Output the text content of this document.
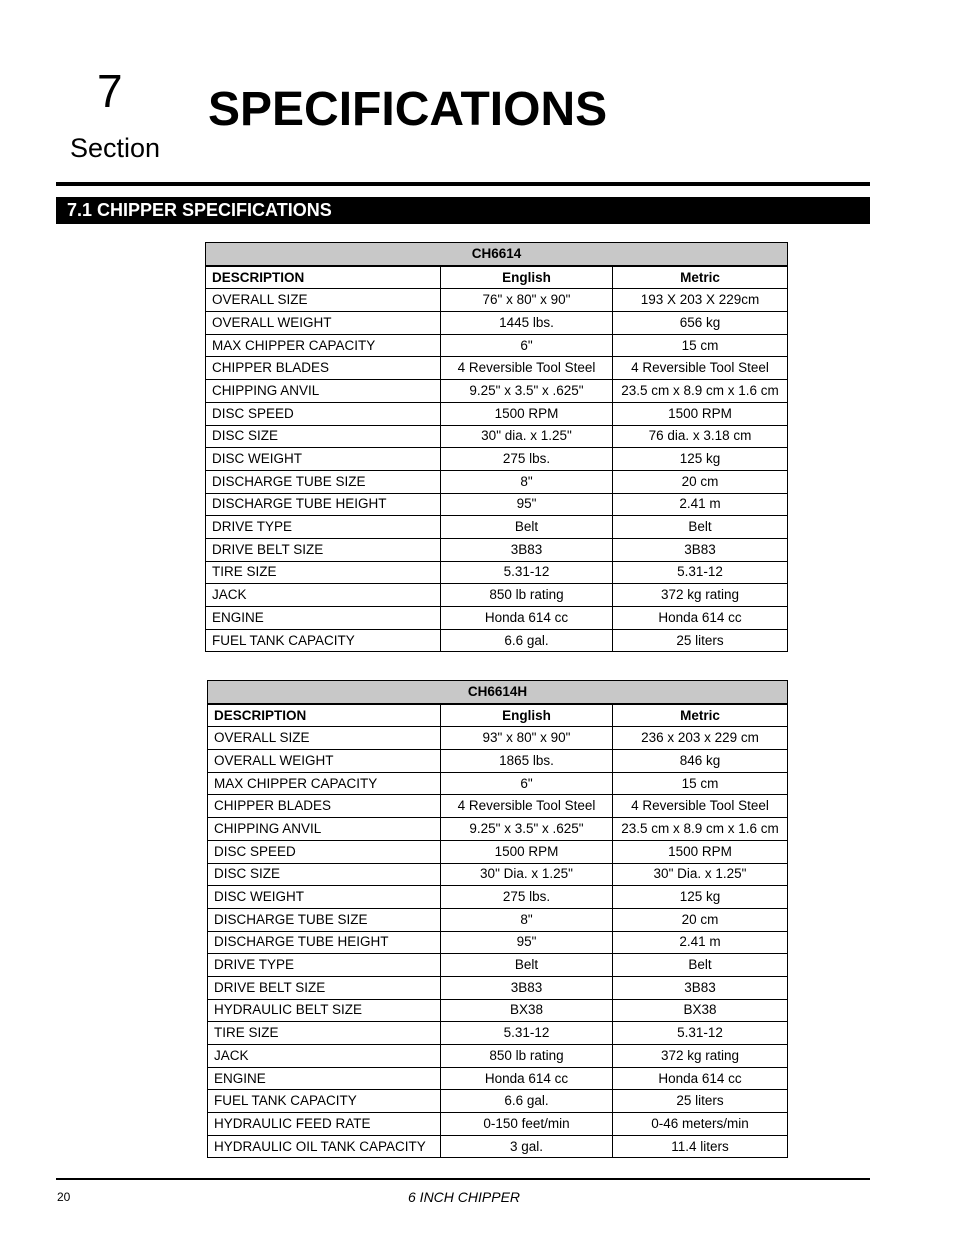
7
Section
SPECIFICATIONS
7.1 CHIPPER SPECIFICATIONS
CH6614		
DESCRIPTION	English	Metric
OVERALL SIZE	76" x 80" x 90"	193 X 203 X 229cm
OVERALL WEIGHT	1445 lbs.	656 kg
MAX CHIPPER CAPACITY	6"	15 cm
CHIPPER BLADES	4 Reversible Tool Steel	4 Reversible Tool Steel
CHIPPING ANVIL	9.25" x 3.5" x .625"	23.5 cm x 8.9 cm x 1.6 cm
DISC SPEED	1500 RPM	1500 RPM
DISC SIZE	30" dia. x 1.25"	76 dia. x 3.18 cm
DISC WEIGHT	275 lbs.	125 kg
DISCHARGE TUBE SIZE	8"	20 cm
DISCHARGE TUBE HEIGHT	95"	2.41 m
DRIVE TYPE	Belt	Belt
DRIVE BELT SIZE	3B83	3B83
TIRE SIZE	5.31-12	5.31-12
JACK	850 lb rating	372 kg rating
ENGINE	Honda 614 cc	Honda 614 cc
FUEL TANK CAPACITY	6.6 gal.	25 liters
CH6614H		
DESCRIPTION	English	Metric
OVERALL SIZE	93" x 80" x 90"	236 x 203 x 229 cm
OVERALL WEIGHT	1865 lbs.	846 kg
MAX CHIPPER CAPACITY	6"	15 cm
CHIPPER BLADES	4 Reversible Tool Steel	4 Reversible Tool Steel
CHIPPING ANVIL	9.25" x 3.5" x .625"	23.5 cm x 8.9 cm x 1.6 cm
DISC SPEED	1500 RPM	1500 RPM
DISC SIZE	30" Dia. x 1.25"	30" Dia. x 1.25"
DISC WEIGHT	275 lbs.	125 kg
DISCHARGE TUBE SIZE	8"	20 cm
DISCHARGE TUBE HEIGHT	95"	2.41 m
DRIVE TYPE	Belt	Belt
DRIVE BELT SIZE	3B83	3B83
HYDRAULIC BELT SIZE	BX38	BX38
TIRE SIZE	5.31-12	5.31-12
JACK	850 lb rating	372 kg rating
ENGINE	Honda 614 cc	Honda 614 cc
FUEL TANK CAPACITY	6.6 gal.	25 liters
HYDRAULIC FEED RATE	0-150 feet/min	0-46 meters/min
HYDRAULIC OIL TANK CAPACITY	3 gal.	11.4 liters
20	6 INCH CHIPPER
